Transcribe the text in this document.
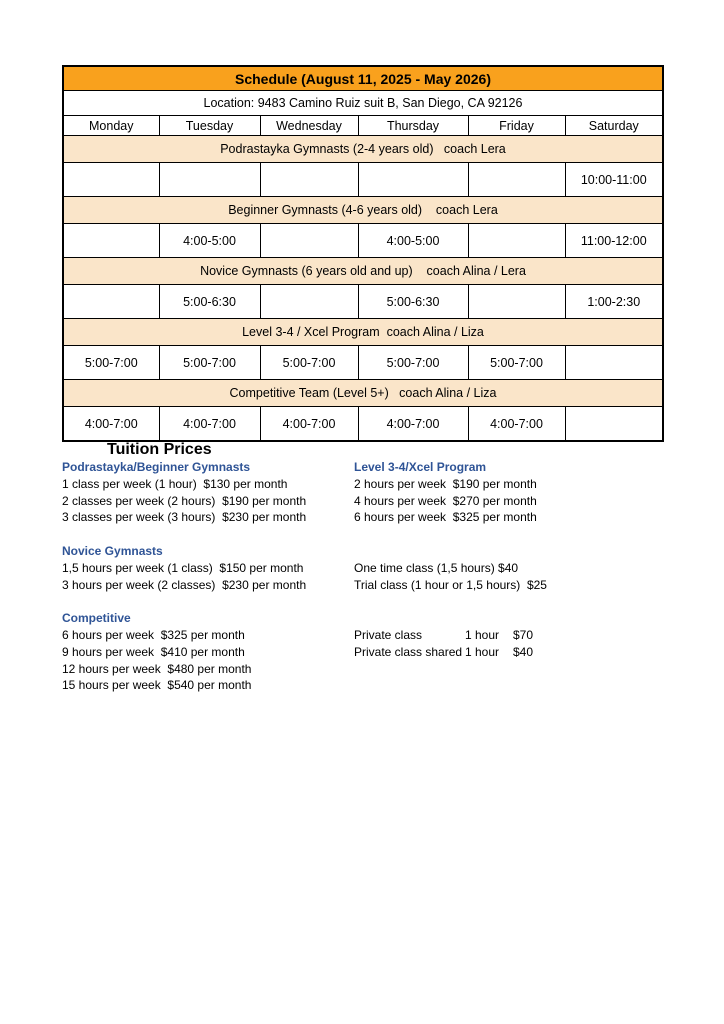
Schedule (August 11, 2025 - May 2026)					
Location: 9483 Camino Ruiz suit B, San Diego, CA 92126					
Monday	Tuesday	Wednesday	Thursday	Friday	Saturday
Podrastayka Gymnasts (2-4 years old)   coach Lera					
					10:00-11:00
Beginner Gymnasts (4-6 years old)    coach Lera					
	4:00-5:00		4:00-5:00		11:00-12:00
Novice Gymnasts (6 years old and up)    coach Alina / Lera					
	5:00-6:30		5:00-6:30		1:00-2:30
Level 3-4 / Xcel Program  coach Alina / Liza					
5:00-7:00	5:00-7:00	5:00-7:00	5:00-7:00	5:00-7:00	
Competitive Team (Level 5+)   coach Alina / Liza					
4:00-7:00	4:00-7:00	4:00-7:00	4:00-7:00	4:00-7:00	
Tuition Prices
Podrastayka/Beginner Gymnasts
1 class per week (1 hour)  $130 per month
2 classes per week (2 hours)  $190 per month
3 classes per week (3 hours)  $230 per month
Novice Gymnasts
1,5 hours per week (1 class)  $150 per month
3 hours per week (2 classes)  $230 per month
Competitive
6 hours per week  $325 per month
9 hours per week  $410 per month
12 hours per week  $480 per month
15 hours per week  $540 per month
Level 3-4/Xcel Program
2 hours per week  $190 per month
4 hours per week  $270 per month
6 hours per week  $325 per month
One time class (1,5 hours) $40
Trial class (1 hour or 1,5 hours)  $25
Private class	1 hour	$70
Private class shared 1 hour	$40
